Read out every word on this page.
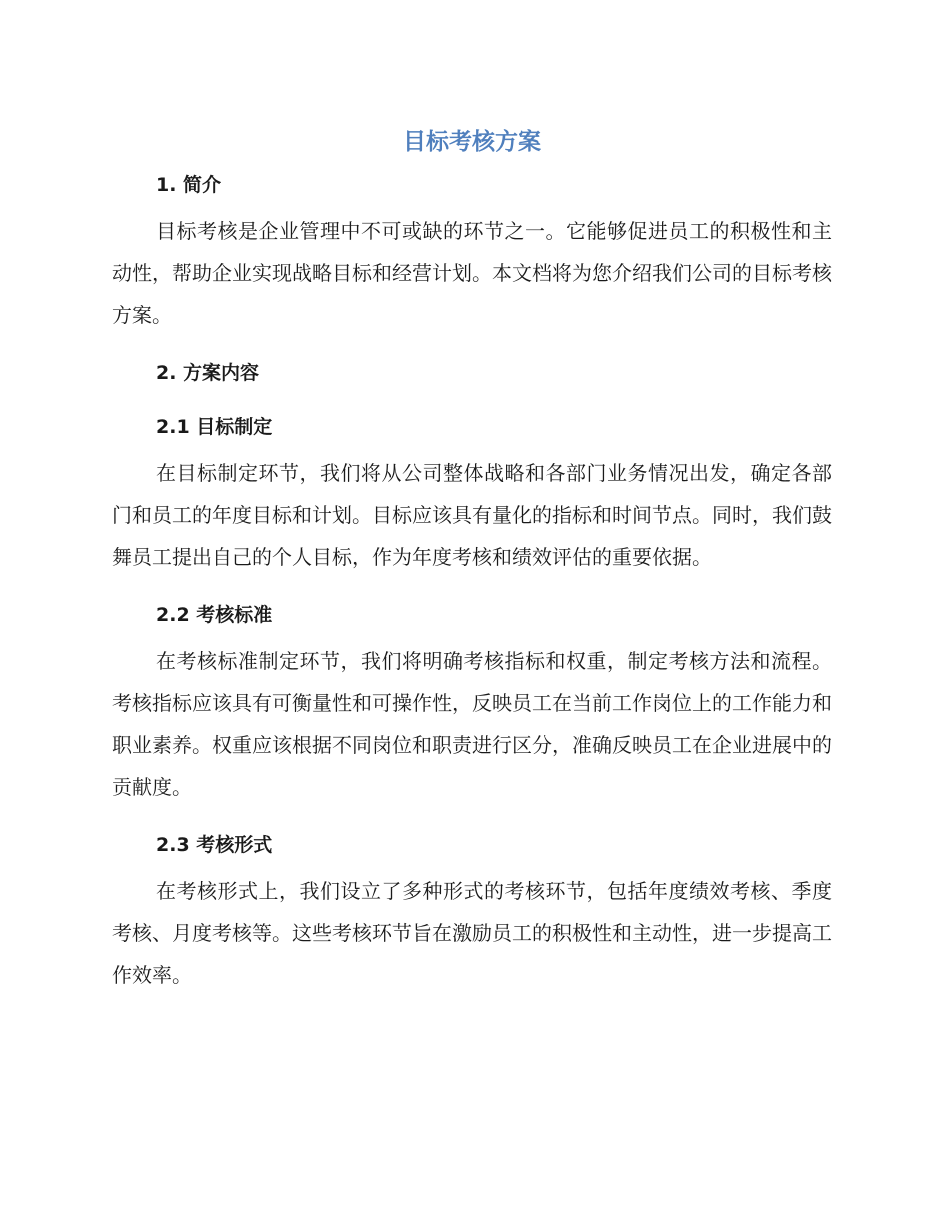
目标考核方案
1. 简介

目标考核是企业管理中不可或缺的环节之一。它能够促进员工的积极性和主动性，帮助企业实现战略目标和经营计划。本文档将为您介绍我们公司的目标考核方案。

2. 方案内容
2.1 目标制定

在目标制定环节，我们将从公司整体战略和各部门业务情况出发，确定各部门和员工的年度目标和计划。目标应该具有量化的指标和时间节点。同时，我们鼓舞员工提出自己的个人目标，作为年度考核和绩效评估的重要依据。

2.2 考核标准

在考核标准制定环节，我们将明确考核指标和权重，制定考核方法和流程。考核指标应该具有可衡量性和可操作性，反映员工在当前工作岗位上的工作能力和职业素养。权重应该根据不同岗位和职责进行区分，准确反映员工在企业进展中的贡献度。

2.3 考核形式

在考核形式上，我们设立了多种形式的考核环节，包括年度绩效考核、季度考核、月度考核等。这些考核环节旨在激励员工的积极性和主动性，进一步提高工作效率。
